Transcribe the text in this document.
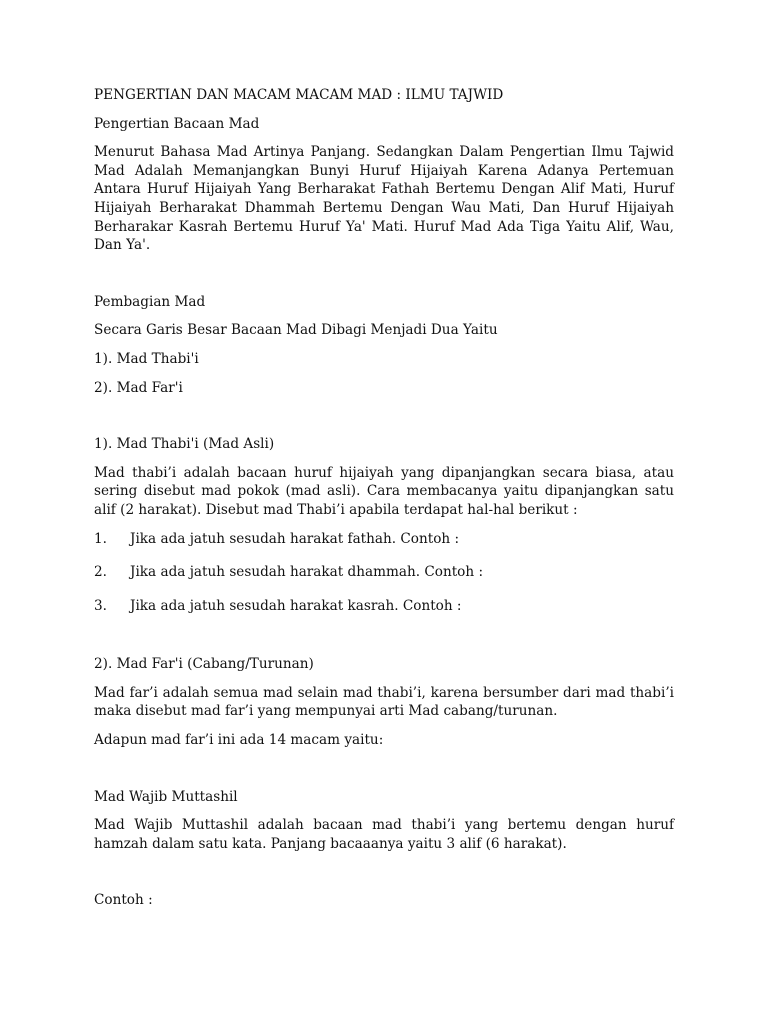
PENGERTIAN DAN MACAM MACAM MAD : ILMU TAJWID

Pengertian Bacaan Mad

Menurut Bahasa Mad Artinya Panjang. Sedangkan Dalam Pengertian Ilmu Tajwid Mad Adalah Memanjangkan Bunyi Huruf Hijaiyah Karena Adanya Pertemuan Antara Huruf Hijaiyah Yang Berharakat Fathah Bertemu Dengan Alif Mati, Huruf Hijaiyah Berharakat Dhammah Bertemu Dengan Wau Mati, Dan Huruf Hijaiyah Berharakar Kasrah Bertemu Huruf Ya' Mati. Huruf Mad Ada Tiga Yaitu Alif, Wau, Dan Ya'.

Pembagian Mad

Secara Garis Besar Bacaan Mad Dibagi Menjadi Dua Yaitu

1). Mad Thabi'i

2). Mad Far'i

1). Mad Thabi'i (Mad Asli)

Mad thabi’i adalah bacaan huruf hijaiyah yang dipanjangkan secara biasa, atau sering disebut mad pokok (mad asli). Cara membacanya yaitu dipanjangkan satu alif (2 harakat). Disebut mad Thabi’i apabila terdapat hal-hal berikut :

1.	Jika ada jatuh sesudah harakat fathah. Contoh :
2.	Jika ada jatuh sesudah harakat dhammah. Contoh :
3.	Jika ada jatuh sesudah harakat kasrah. Contoh :

2). Mad Far'i (Cabang/Turunan)

Mad far’i adalah semua mad selain mad thabi’i, karena bersumber dari mad thabi’i maka disebut mad far’i yang mempunyai arti Mad cabang/turunan.

Adapun mad far’i ini ada 14 macam yaitu:

Mad Wajib Muttashil

Mad Wajib Muttashil adalah bacaan mad thabi’i yang bertemu dengan huruf hamzah dalam satu kata. Panjang bacaaanya yaitu 3 alif (6 harakat).

Contoh :
